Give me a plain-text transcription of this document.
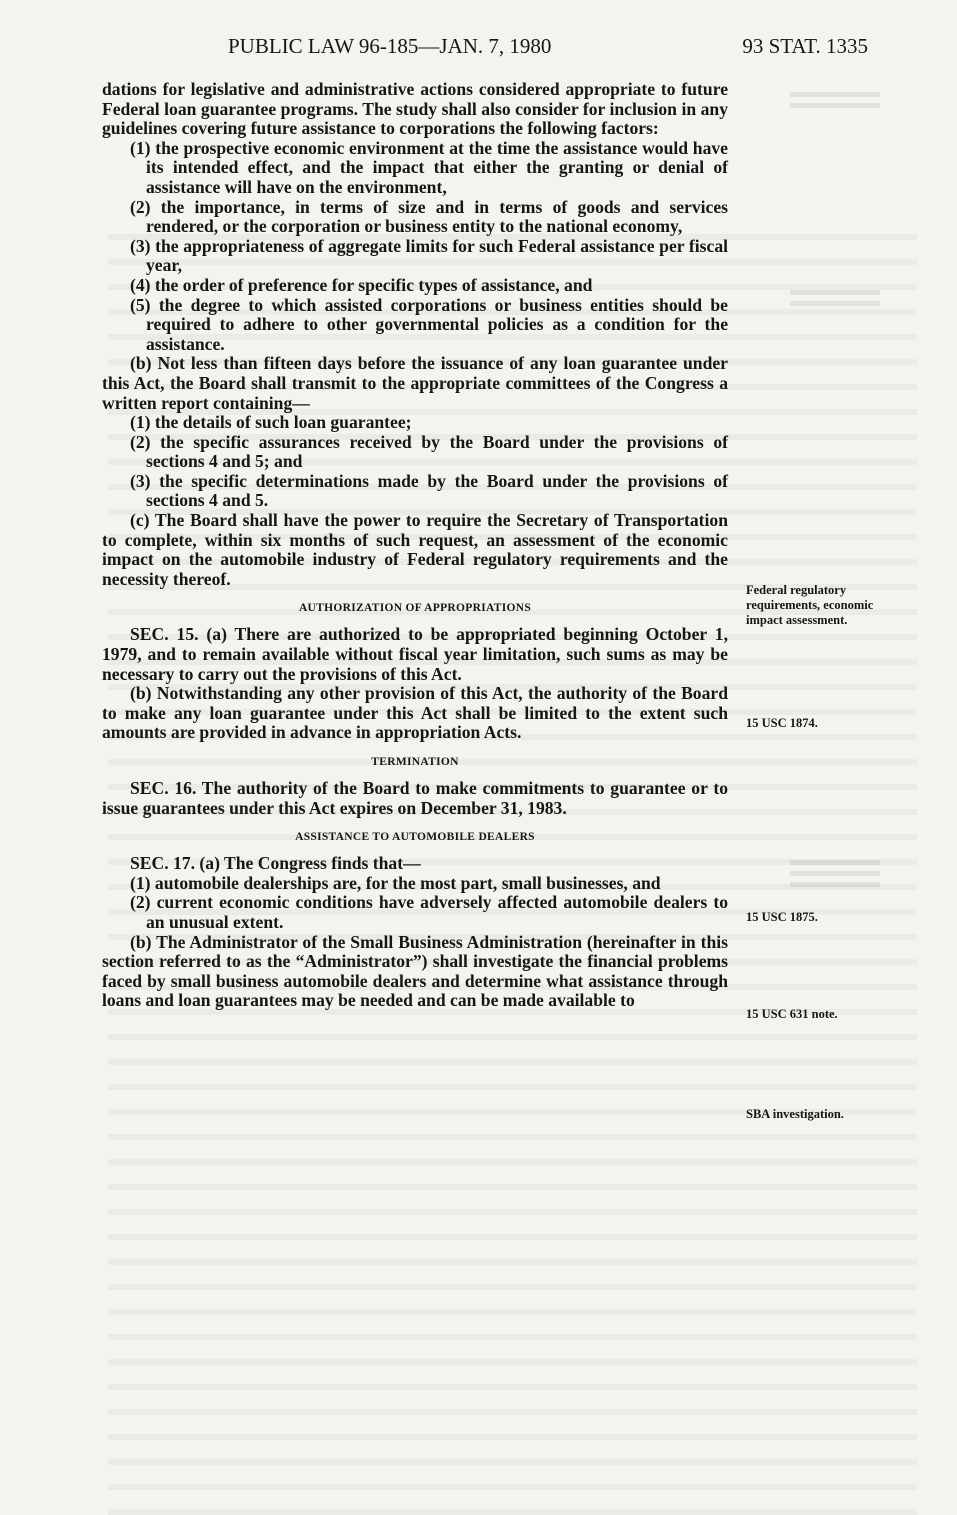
PUBLIC LAW 96-185—JAN. 7, 1980	93 STAT. 1335

dations for legislative and administrative actions considered appropriate to future Federal loan guarantee programs. The study shall also consider for inclusion in any guidelines covering future assistance to corporations the following factors:

(1) the prospective economic environment at the time the assistance would have its intended effect, and the impact that either the granting or denial of assistance will have on the environment,

(2) the importance, in terms of size and in terms of goods and services rendered, or the corporation or business entity to the national economy,

(3) the appropriateness of aggregate limits for such Federal assistance per fiscal year,

(4) the order of preference for specific types of assistance, and

(5) the degree to which assisted corporations or business entities should be required to adhere to other governmental policies as a condition for the assistance.

(b) Not less than fifteen days before the issuance of any loan guarantee under this Act, the Board shall transmit to the appropriate committees of the Congress a written report containing—

(1) the details of such loan guarantee;

(2) the specific assurances received by the Board under the provisions of sections 4 and 5; and

(3) the specific determinations made by the Board under the provisions of sections 4 and 5.

(c) The Board shall have the power to require the Secretary of Transportation to complete, within six months of such request, an assessment of the economic impact on the automobile industry of Federal regulatory requirements and the necessity thereof.

AUTHORIZATION OF APPROPRIATIONS

SEC. 15. (a) There are authorized to be appropriated beginning October 1, 1979, and to remain available without fiscal year limitation, such sums as may be necessary to carry out the provisions of this Act.

(b) Notwithstanding any other provision of this Act, the authority of the Board to make any loan guarantee under this Act shall be limited to the extent such amounts are provided in advance in appropriation Acts.

TERMINATION

SEC. 16. The authority of the Board to make commitments to guarantee or to issue guarantees under this Act expires on December 31, 1983.

ASSISTANCE TO AUTOMOBILE DEALERS

SEC. 17. (a) The Congress finds that—

(1) automobile dealerships are, for the most part, small businesses, and

(2) current economic conditions have adversely affected automobile dealers to an unusual extent.

(b) The Administrator of the Small Business Administration (hereinafter in this section referred to as the “Administrator”) shall investigate the financial problems faced by small business automobile dealers and determine what assistance through loans and loan guarantees may be needed and can be made available to

Federal regulatory requirements, economic impact assessment.
15 USC 1874.
15 USC 1875.
15 USC 631 note.
SBA investigation.
